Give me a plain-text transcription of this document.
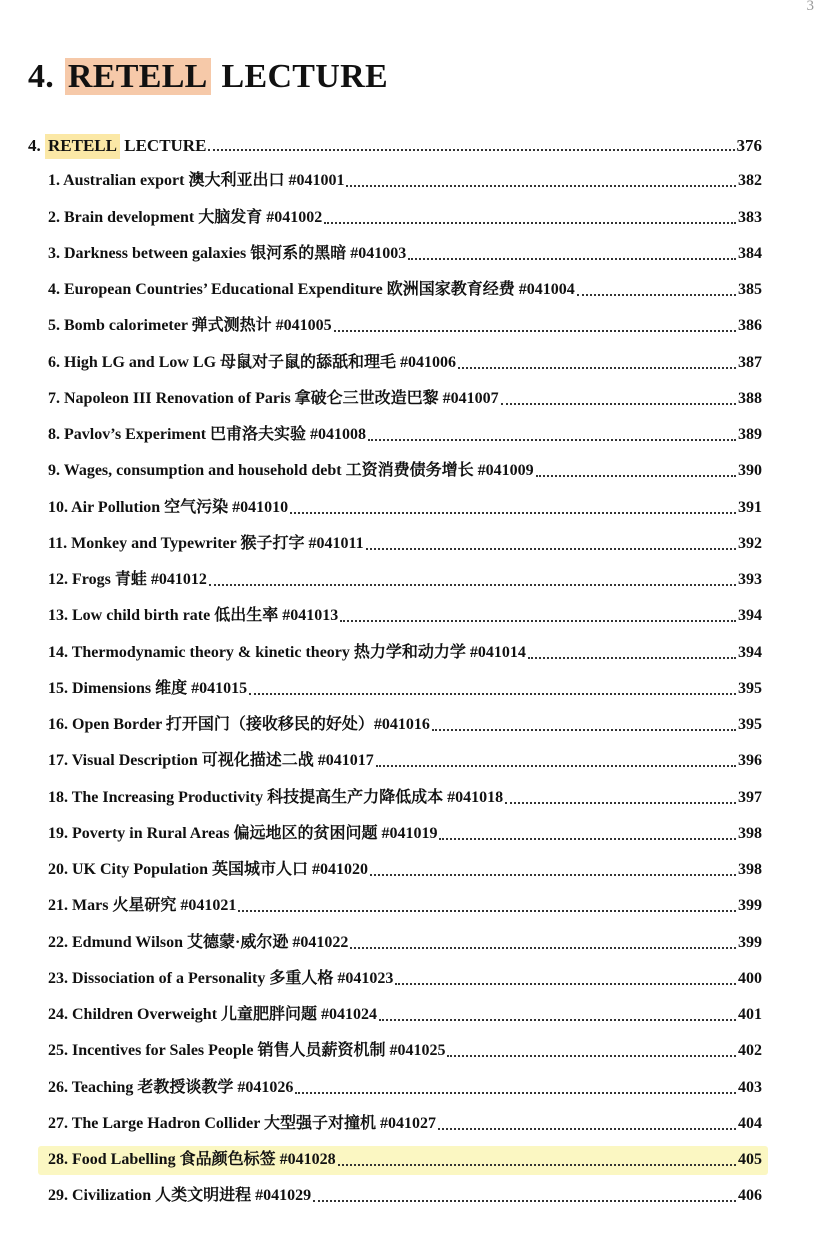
3
4. RETELL LECTURE
4. RETELL LECTURE	376
1. Australian export 澳大利亚出口 #041001	382
2. Brain development 大脑发育 #041002	383
3. Darkness between galaxies 银河系的黑暗 #041003	384
4. European Countries’ Educational Expenditure 欧洲国家教育经费 #041004	385
5. Bomb calorimeter 弹式测热计 #041005	386
6. High LG and Low LG 母鼠对子鼠的舔舐和理毛 #041006	387
7. Napoleon III Renovation of Paris 拿破仑三世改造巴黎 #041007	388
8. Pavlov’s Experiment 巴甫洛夫实验 #041008	389
9. Wages, consumption and household debt 工资消费债务增长 #041009	390
10. Air Pollution 空气污染 #041010	391
11. Monkey and Typewriter 猴子打字 #041011	392
12. Frogs 青蛙 #041012	393
13. Low child birth rate 低出生率 #041013	394
14. Thermodynamic theory & kinetic theory 热力学和动力学 #041014	394
15. Dimensions 维度 #041015	395
16. Open Border 打开国门（接收移民的好处）#041016	395
17. Visual Description 可视化描述二战 #041017	396
18. The Increasing Productivity 科技提高生产力降低成本 #041018	397
19. Poverty in Rural Areas 偏远地区的贫困问题 #041019	398
20. UK City Population 英国城市人口 #041020	398
21. Mars 火星研究 #041021	399
22. Edmund Wilson 艾德蒙·威尔逊 #041022	399
23. Dissociation of a Personality 多重人格 #041023	400
24. Children Overweight 儿童肥胖问题 #041024	401
25. Incentives for Sales People 销售人员薪资机制 #041025	402
26. Teaching 老教授谈教学 #041026	403
27. The Large Hadron Collider 大型强子对撞机 #041027	404
28. Food Labelling 食品颜色标签 #041028	405
29. Civilization 人类文明进程 #041029	406
